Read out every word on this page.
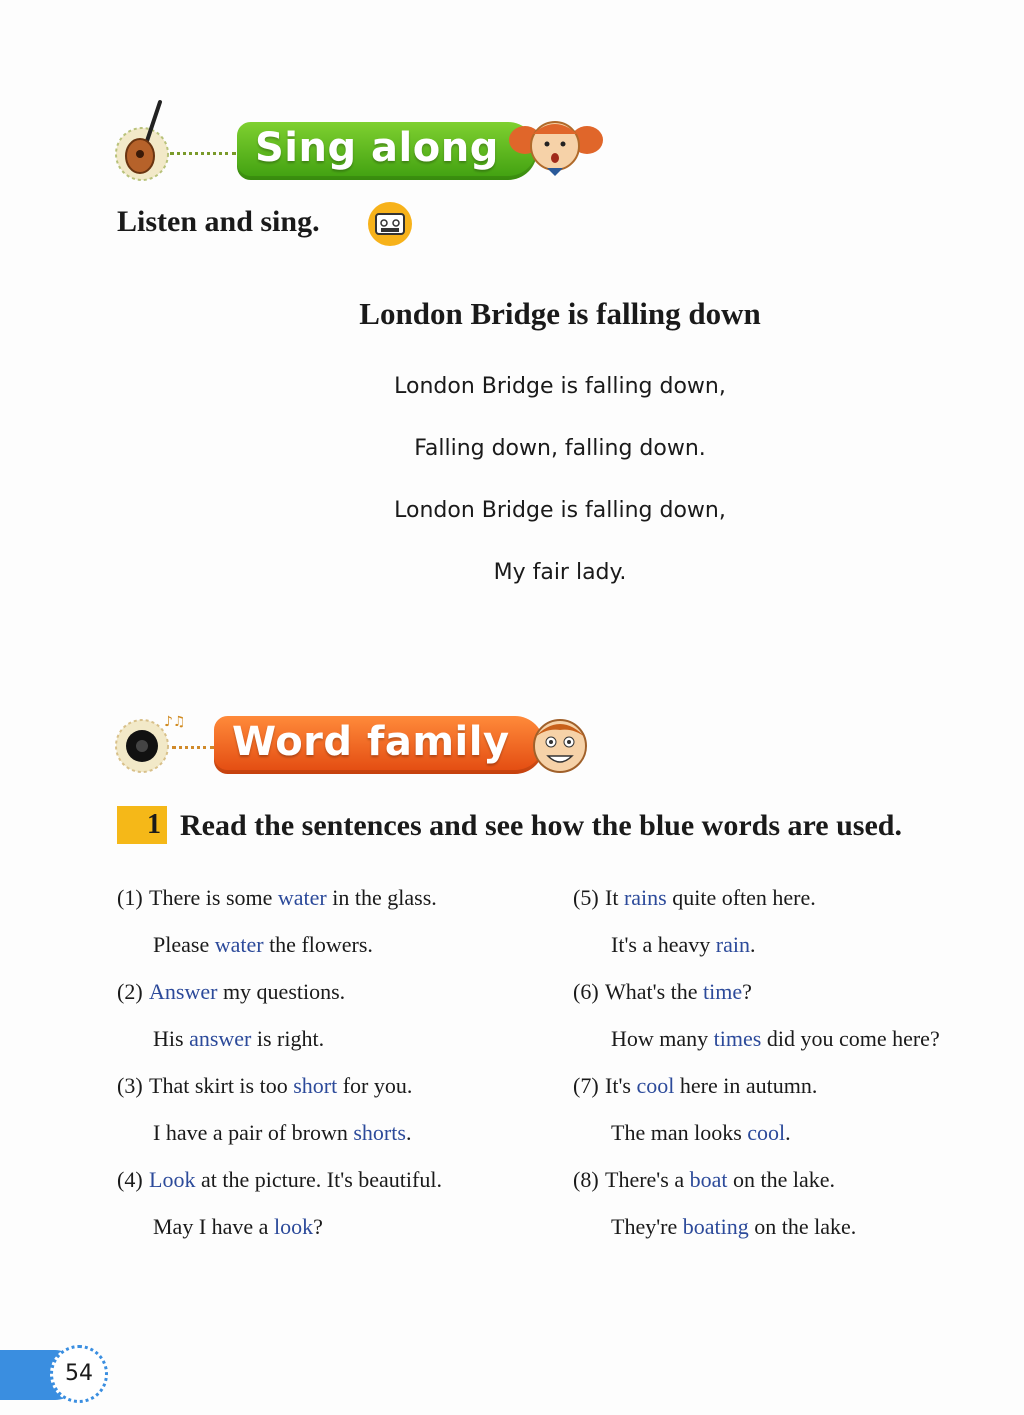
Sing along
Listen and sing.
London Bridge is falling down
London Bridge is falling down,
Falling down, falling down.
London Bridge is falling down,
My fair lady.
♪♫ Word family
1 Read the sentences and see how the blue words are used.
(1) There is some water in the glass.
Please water the flowers.
(2) Answer my questions.
His answer is right.
(3) That skirt is too short for you.
I have a pair of brown shorts.
(4) Look at the picture. It's beautiful.
May I have a look?
(5) It rains quite often here.
It's a heavy rain.
(6) What's the time?
How many times did you come here?
(7) It's cool here in autumn.
The man looks cool.
(8) There's a boat on the lake.
They're boating on the lake.
54
